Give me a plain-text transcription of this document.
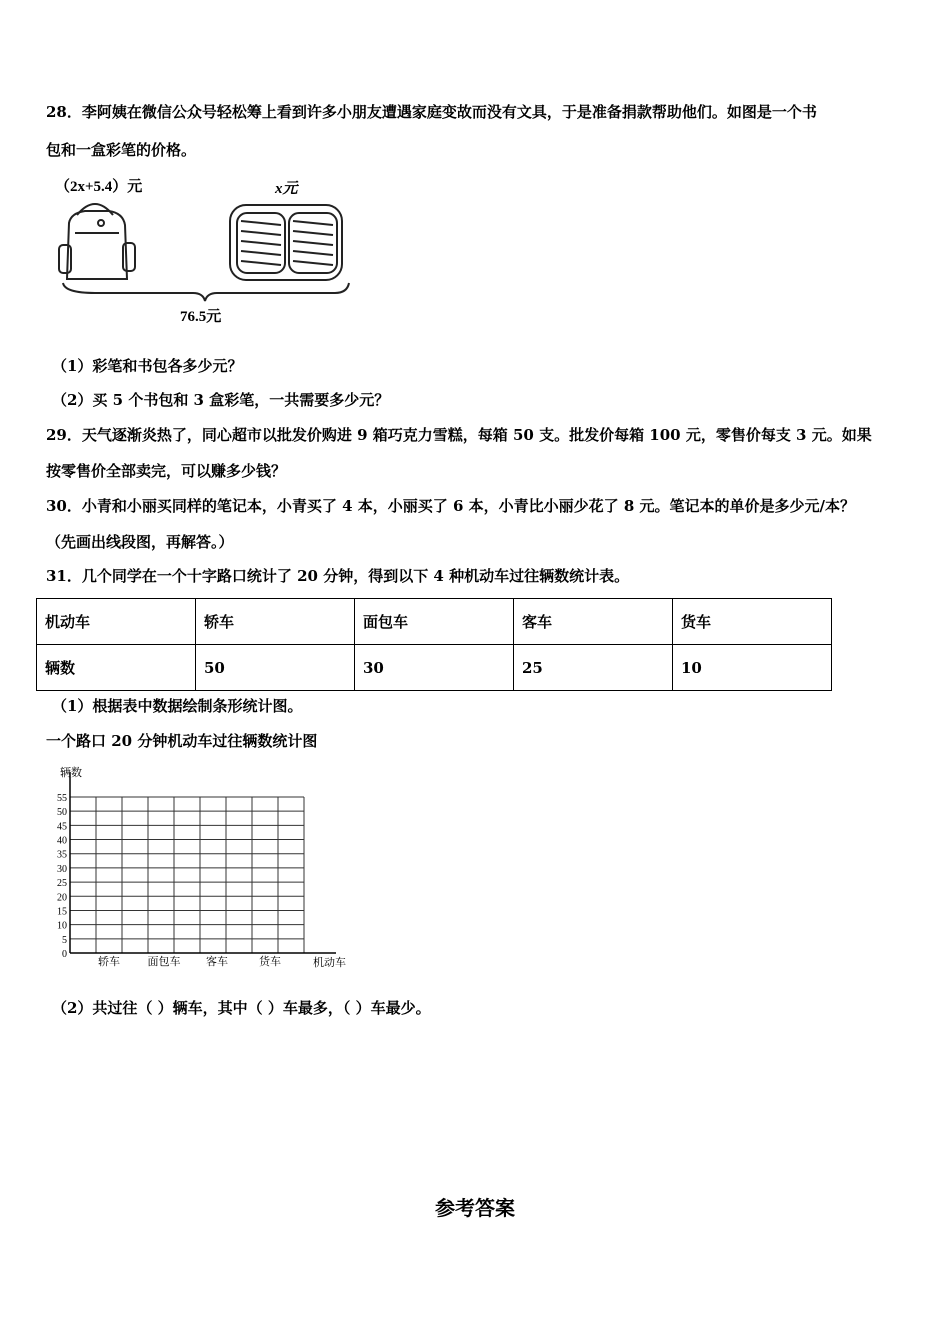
28．李阿姨在微信公众号轻松筹上看到许多小朋友遭遇家庭变故而没有文具，于是准备捐款帮助他们。如图是一个书
包和一盒彩笔的价格。
（2x+5.4）元	x元
76.5元
（1）彩笔和书包各多少元？
（2）买 5 个书包和 3 盒彩笔，一共需要多少元？
29．天气逐渐炎热了，同心超市以批发价购进 9 箱巧克力雪糕，每箱 50 支。批发价每箱 100 元，零售价每支 3 元。如果
按零售价全部卖完，可以赚多少钱？
30．小青和小丽买同样的笔记本，小青买了 4 本，小丽买了 6 本，小青比小丽少花了 8 元。笔记本的单价是多少元/本？
（先画出线段图，再解答。）
31．几个同学在一个十字路口统计了 20 分钟，得到以下 4 种机动车过往辆数统计表。
机动车	轿车	面包车	客车	货车
辆数	50	30	25	10
（1）根据表中数据绘制条形统计图。
一个路口 20 分钟机动车过往辆数统计图
0
5
10
15
20
25
30
35
40
45
50
55
辆数
机动车
轿车	面包车 客车	货车
（2）共过往（ ）辆车，其中（ ）车最多，（ ）车最少。
参考答案
